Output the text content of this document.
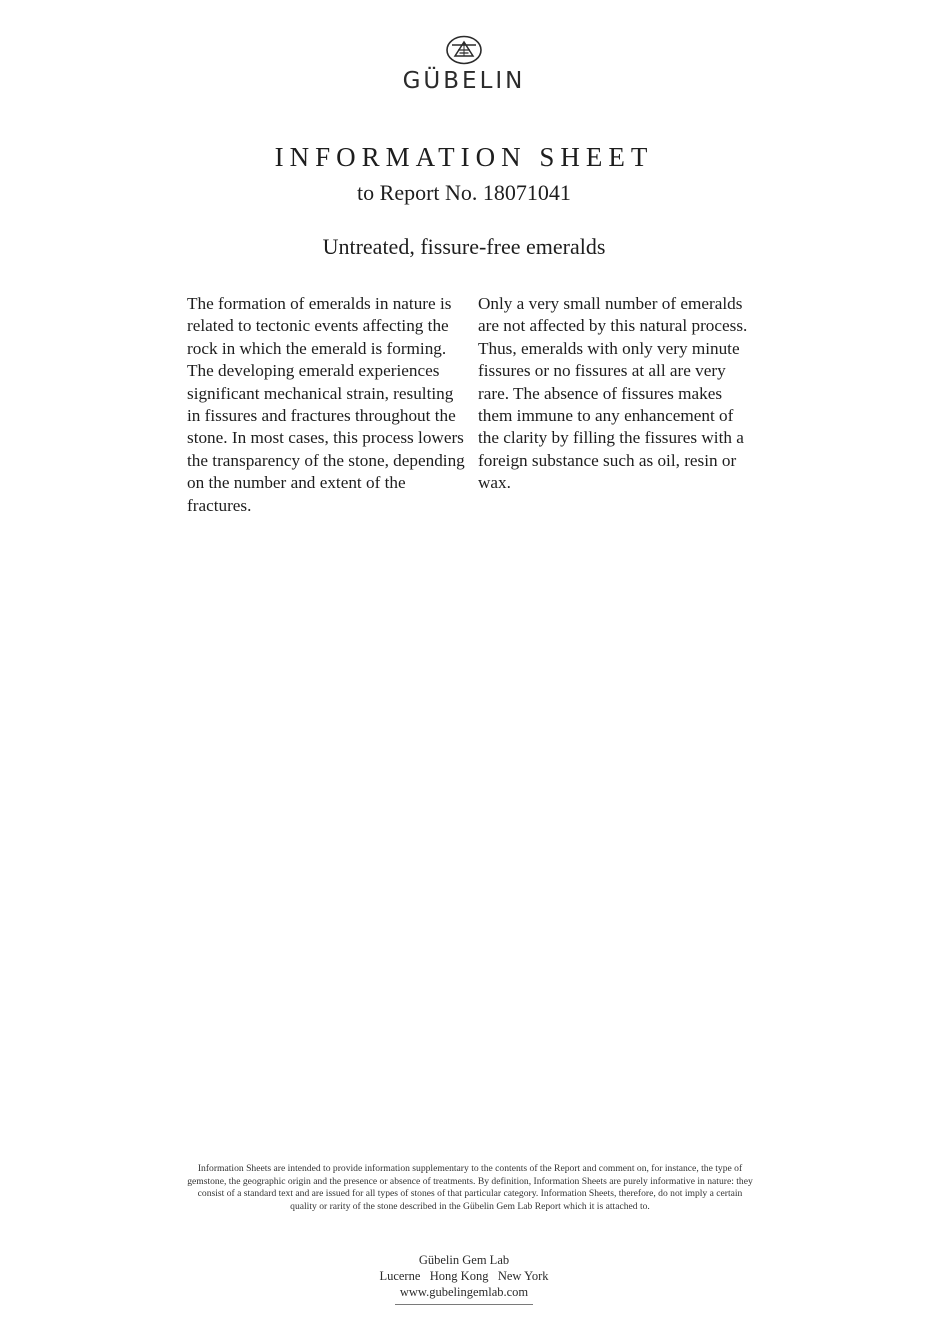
GÜBELIN
INFORMATION SHEET
to Report No. 18071041
Untreated, fissure-free emeralds
The formation of emeralds in nature is related to tectonic events affecting the rock in which the emerald is forming. The developing emerald experiences significant mechanical strain, resulting in fissures and fractures throughout the stone. In most cases, this process lowers the transparency of the stone, depending on the number and extent of the fractures.
Only a very small number of emeralds are not affected by this natural process. Thus, emeralds with only very minute fissures or no fissures at all are very rare. The absence of fissures makes them immune to any enhancement of the clarity by filling the fissures with a foreign substance such as oil, resin or wax.
Information Sheets are intended to provide information supplementary to the contents of the Report and comment on, for instance, the type of gemstone, the geographic origin and the presence or absence of treatments. By definition, Information Sheets are purely informative in nature: they consist of a standard text and are issued for all types of stones of that particular category. Information Sheets, therefore, do not imply a certain quality or rarity of the stone described in the Gübelin Gem Lab Report which it is attached to.
Gübelin Gem Lab
Lucerne   Hong Kong   New York
www.gubelingemlab.com
